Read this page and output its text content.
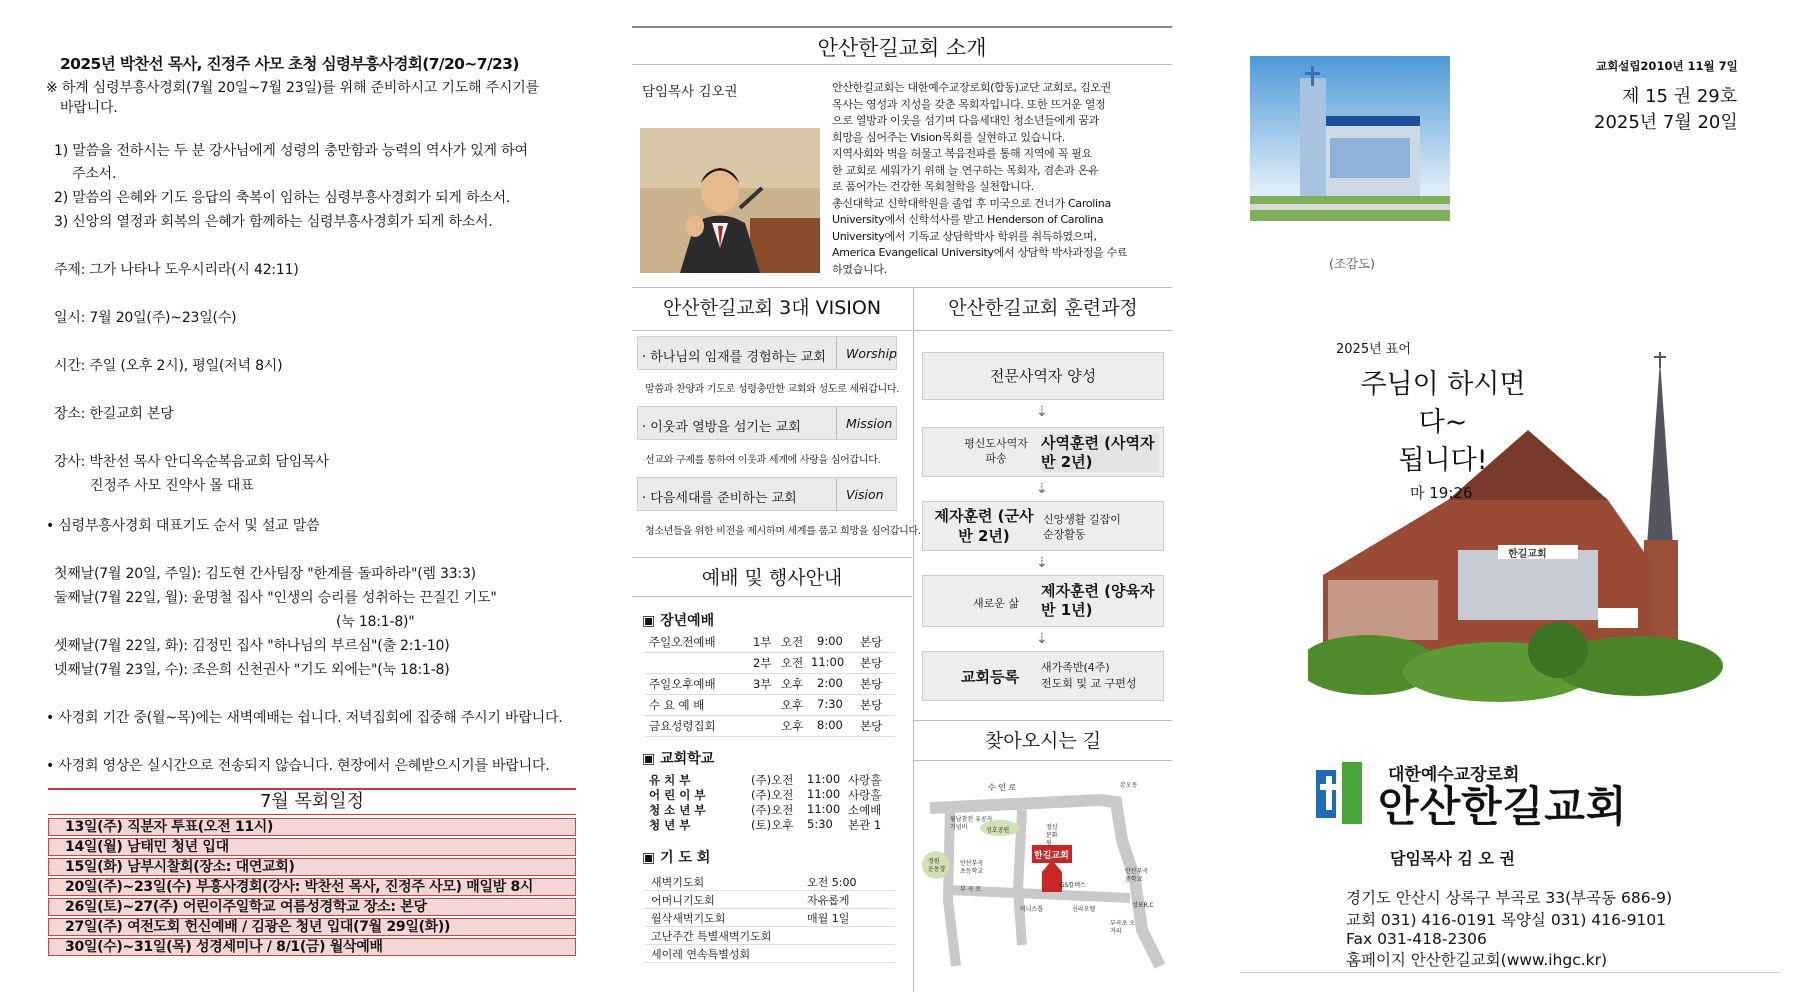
2025년 박찬선 목사, 진정주 사모 초청 심령부흥사경회(7/20~7/23)
※ 하계 심령부흥사경회(7월 20일~7월 23일)를 위해 준비하시고 기도해 주시기를
바랍니다.
1) 말씀을 전하시는 두 분 강사님에게 성령의 충만함과 능력의 역사가 있게 하여
주소서.
2) 말씀의 은혜와 기도 응답의 축복이 임하는 심령부흥사경회가 되게 하소서.
3) 신앙의 열정과 회복의 은혜가 함께하는 심령부흥사경회가 되게 하소서.
주제: 그가 나타나 도우시리라(시 42:11)
일시: 7월 20일(주)~23일(수)
시간: 주일 (오후 2시), 평일(저녁 8시)
장소: 한길교회 본당
강사: 박찬선 목사 안디옥순복음교회 담임목사
진정주 사모 진약사 몰 대표
• 심령부흥사경회 대표기도 순서 및 설교 말씀
첫째날(7월 20일, 주일): 김도현 간사팀장 "한계를 돌파하라"(렘 33:3)
둘째날(7월 22일, 월): 윤명철 집사 "인생의 승리를 성취하는 끈질긴 기도"
(눅 18:1-8)"
셋째날(7월 22일, 화): 김정민 집사 "하나님의 부르심"(출 2:1-10)
넷째날(7월 23일, 수): 조은희 신천권사 "기도 외에는"(눅 18:1-8)
• 사경회 기간 중(월~목)에는 새벽예배는 쉽니다. 저녁집회에 집중해 주시기 바랍니다.
• 사경회 영상은 실시간으로 전송되지 않습니다. 현장에서 은혜받으시기를 바랍니다.
7월 목회일정
13일(주) 직분자 투표(오전 11시)
14일(월) 남태민 청년 입대
15일(화) 남부시찰회(장소: 대연교회)
20일(주)~23일(수) 부흥사경회(강사: 박찬선 목사, 진정주 사모) 매일밤 8시
26일(토)~27(주) 어린이주일학교 여름성경학교 장소: 본당
27일(주) 여전도회 헌신예배 / 김광은 청년 입대(7월 29일(화))
30일(수)~31일(목) 성경세미나 / 8/1(금) 월삭예배
안산한길교회 소개
담임목사 김오권	안산한길교회는 대한예수교장로회(합동)교단 교회로, 김오권
목사는 영성과 지성을 갖춘 목회자입니다. 또한 뜨거운 열정
으로 열방과 이웃을 섬기며 다음세대인 청소년들에게 꿈과
희망을 심어주는 Vision목회를 실현하고 있습니다.
지역사회와 벽을 허물고 복음전파를 통해 지역에 꼭 필요
한 교회로 세워가기 위해 늘 연구하는 목회자, 겸손과 온유
로 품어가는 건강한 목회철학을 실천합니다.
총신대학교 신학대학원을 졸업 후 미국으로 건너가 Carolina
University에서 신학석사를 받고 Henderson of Carolina
University에서 기독교 상담학박사 학위를 취득하였으며,
America Evangelical University에서 상담학 박사과정을 수료
하였습니다.
안산한길교회 3대 VISION
· 하나님의 임재를 경험하는 교회 Worship
말씀과 찬양과 기도로 성령충만한 교회와 성도로 세워갑니다.
· 이웃과 열방을 섬기는 교회	Mission
선교와 구제를 통하여 이웃과 세계에 사랑을 심어갑니다.
· 다음세대를 준비하는 교회	Vision
청소년들을 위한 비전을 제시하며 세계를 품고 희망을 심어갑니다.
예배 및 행사안내
▣ 장년예배
주일오전예배	1부 오전 9:00 본당
2부 오전 11:00 본당
주일오후예배	3부 오후 2:00 본당
수 요 예 배	오후 7:30 본당
금요성령집회	오후 8:00 본당
▣ 교회학교
유 치 부	(주)오전 11:00 사랑홀
어 린 이 부	(주)오전 11:00 사랑홀
청 소 년 부	(주)오전 11:00 소예배
청 년 부	(토)오후 5:30 본관 1
▣ 기 도 회
새벽기도회	오전 5:00
어머니기도회	자유롭게
월삭새벽기도회	매월 1일
고난주간 특별새벽기도회
세이레 연속특별성회
안산한길교회 훈련과정
전문사역자 양성
⇣
평신도사역자 파송
사역훈련 (사역자반 2년)
⇣
제자훈련 (군사반 2년)
신앙생활 길잡이
순장활동
⇣
새로운 삶
제자훈련 (양육자반 1년)
⇣
교회등록
새가족반(4주)
전도회 및 교 구편성
찾아오시는 길
수 인 로
한길교회
월남참전 유공자기념비	성호공원	정신 문화원
정원 운동장
안산부곡 초등학교
부 곡 로
미니스톱
GS칼텍스
신라모텔
안산부곡 중학교
부곡초 오거리
성포R.C
본오동
교회설립2010년 11월 7일
제 15 권 29호
2025년 7월 20일
(조감도)
2025년 표어
주님이 하시면
다~
됩니다!
마 19:26
한길교회
대한예수교장로회
안산한길교회
담임목사 김 오 권
경기도 안산시 상록구 부곡로 33(부곡동 686-9)
교회 031) 416-0191 목양실 031) 416-9101
Fax 031-418-2306
홈페이지 안산한길교회(www.ihgc.kr)
